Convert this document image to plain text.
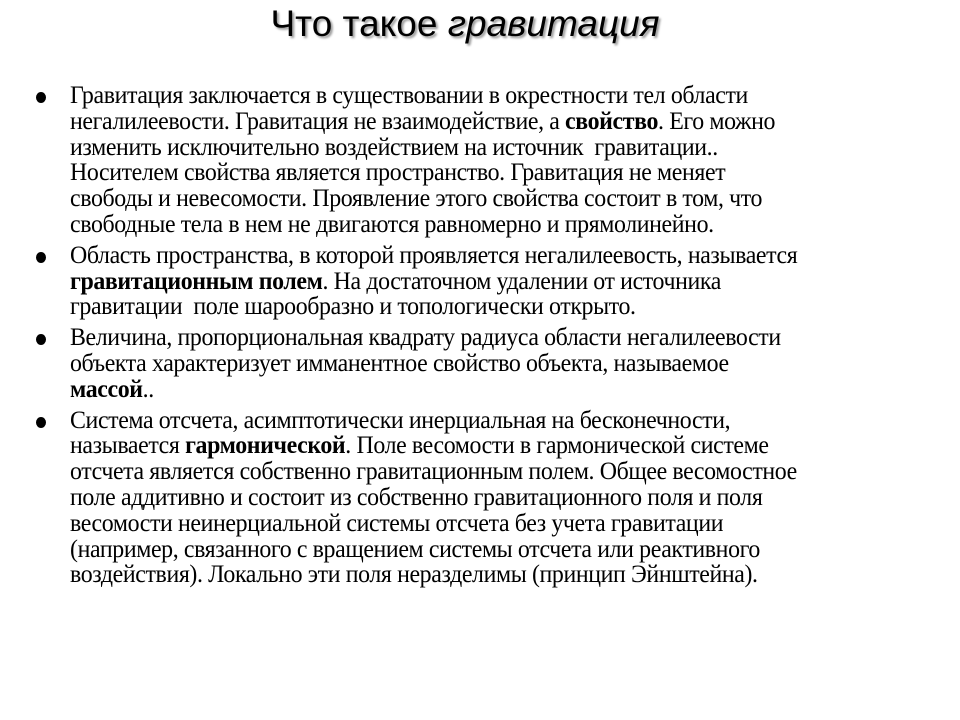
Что такое гравитация
Гравитация заключается в существовании в окрестности тел области
негалилеевости. Гравитация не взаимодействие, а свойство. Его можно
изменить исключительно воздействием на источник  гравитации..
Носителем свойства является пространство. Гравитация не меняет
свободы и невесомости. Проявление этого свойства состоит в том, что
свободные тела в нем не двигаются равномерно и прямолинейно.
Область пространства, в которой проявляется негалилеевость, называется
гравитационным полем. На достаточном удалении от источника
гравитации  поле шарообразно и топологически открыто.
Величина, пропорциональная квадрату радиуса области негалилеевости
объекта характеризует имманентное свойство объекта, называемое
массой..
Система отсчета, асимптотически инерциальная на бесконечности,
называется гармонической. Поле весомости в гармонической системе
отсчета является собственно гравитационным полем. Общее весомостное
поле аддитивно и состоит из собственно гравитационного поля и поля
весомости неинерциальной системы отсчета без учета гравитации
(например, связанного с вращением системы отсчета или реактивного
воздействия). Локально эти поля неразделимы (принцип Эйнштейна).
